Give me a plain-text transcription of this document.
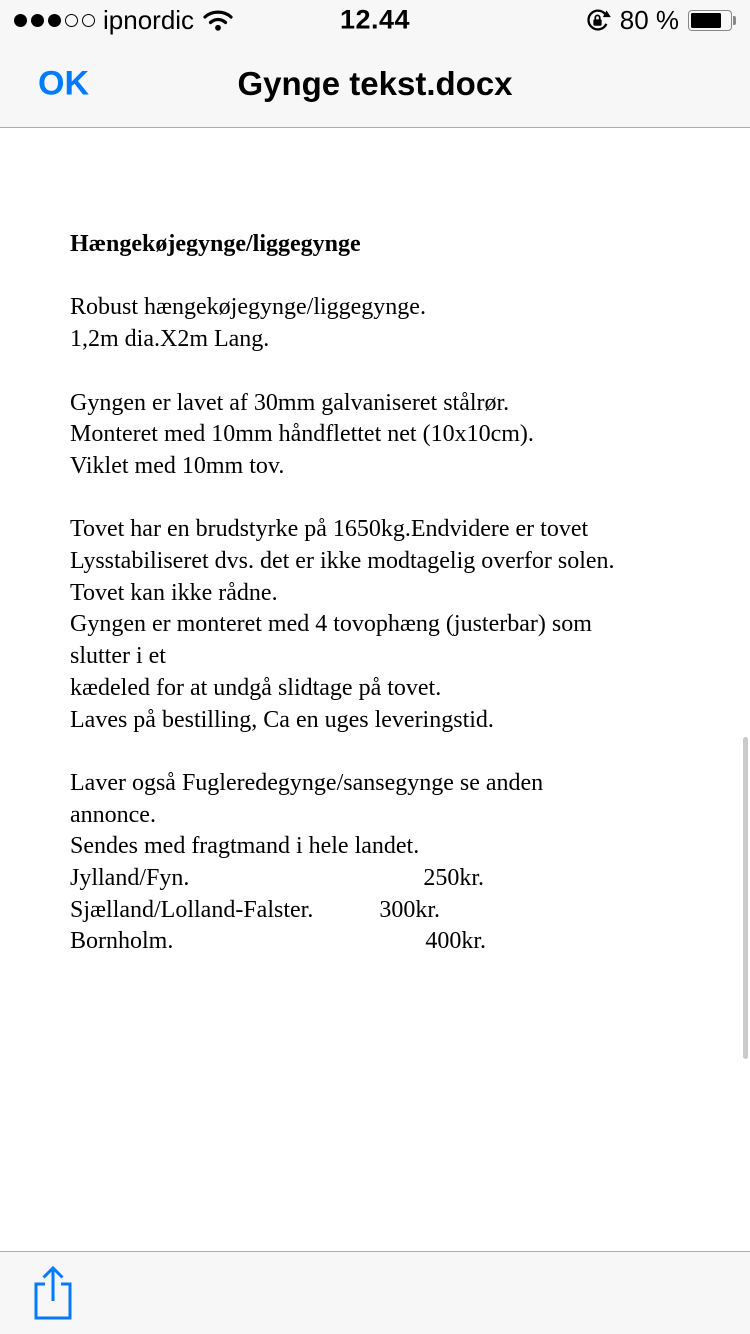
ipnordic	12.44	80 %
OK	Gynge tekst.docx
Hængekøjegynge/liggegynge

Robust hængekøjegynge/liggegynge.
1,2m dia.X2m Lang.

Gyngen er lavet af 30mm galvaniseret stålrør.
Monteret med 10mm håndflettet net (10x10cm).
Viklet med 10mm tov.

Tovet har en brudstyrke på 1650kg.Endvidere er tovet
Lysstabiliseret dvs. det er ikke modtagelig overfor solen.
Tovet kan ikke rådne.
Gyngen er monteret med 4 tovophæng (justerbar) som
slutter i et
kædeled for at undgå slidtage på tovet.
Laves på bestilling, Ca en uges leveringstid.

Laver også Fugleredegynge/sansegynge se anden
annonce.
Sendes med fragtmand i hele landet.
Jylland/Fyn.                                       250kr.
Sjælland/Lolland-Falster.           300kr.
Bornholm.                                          400kr.
